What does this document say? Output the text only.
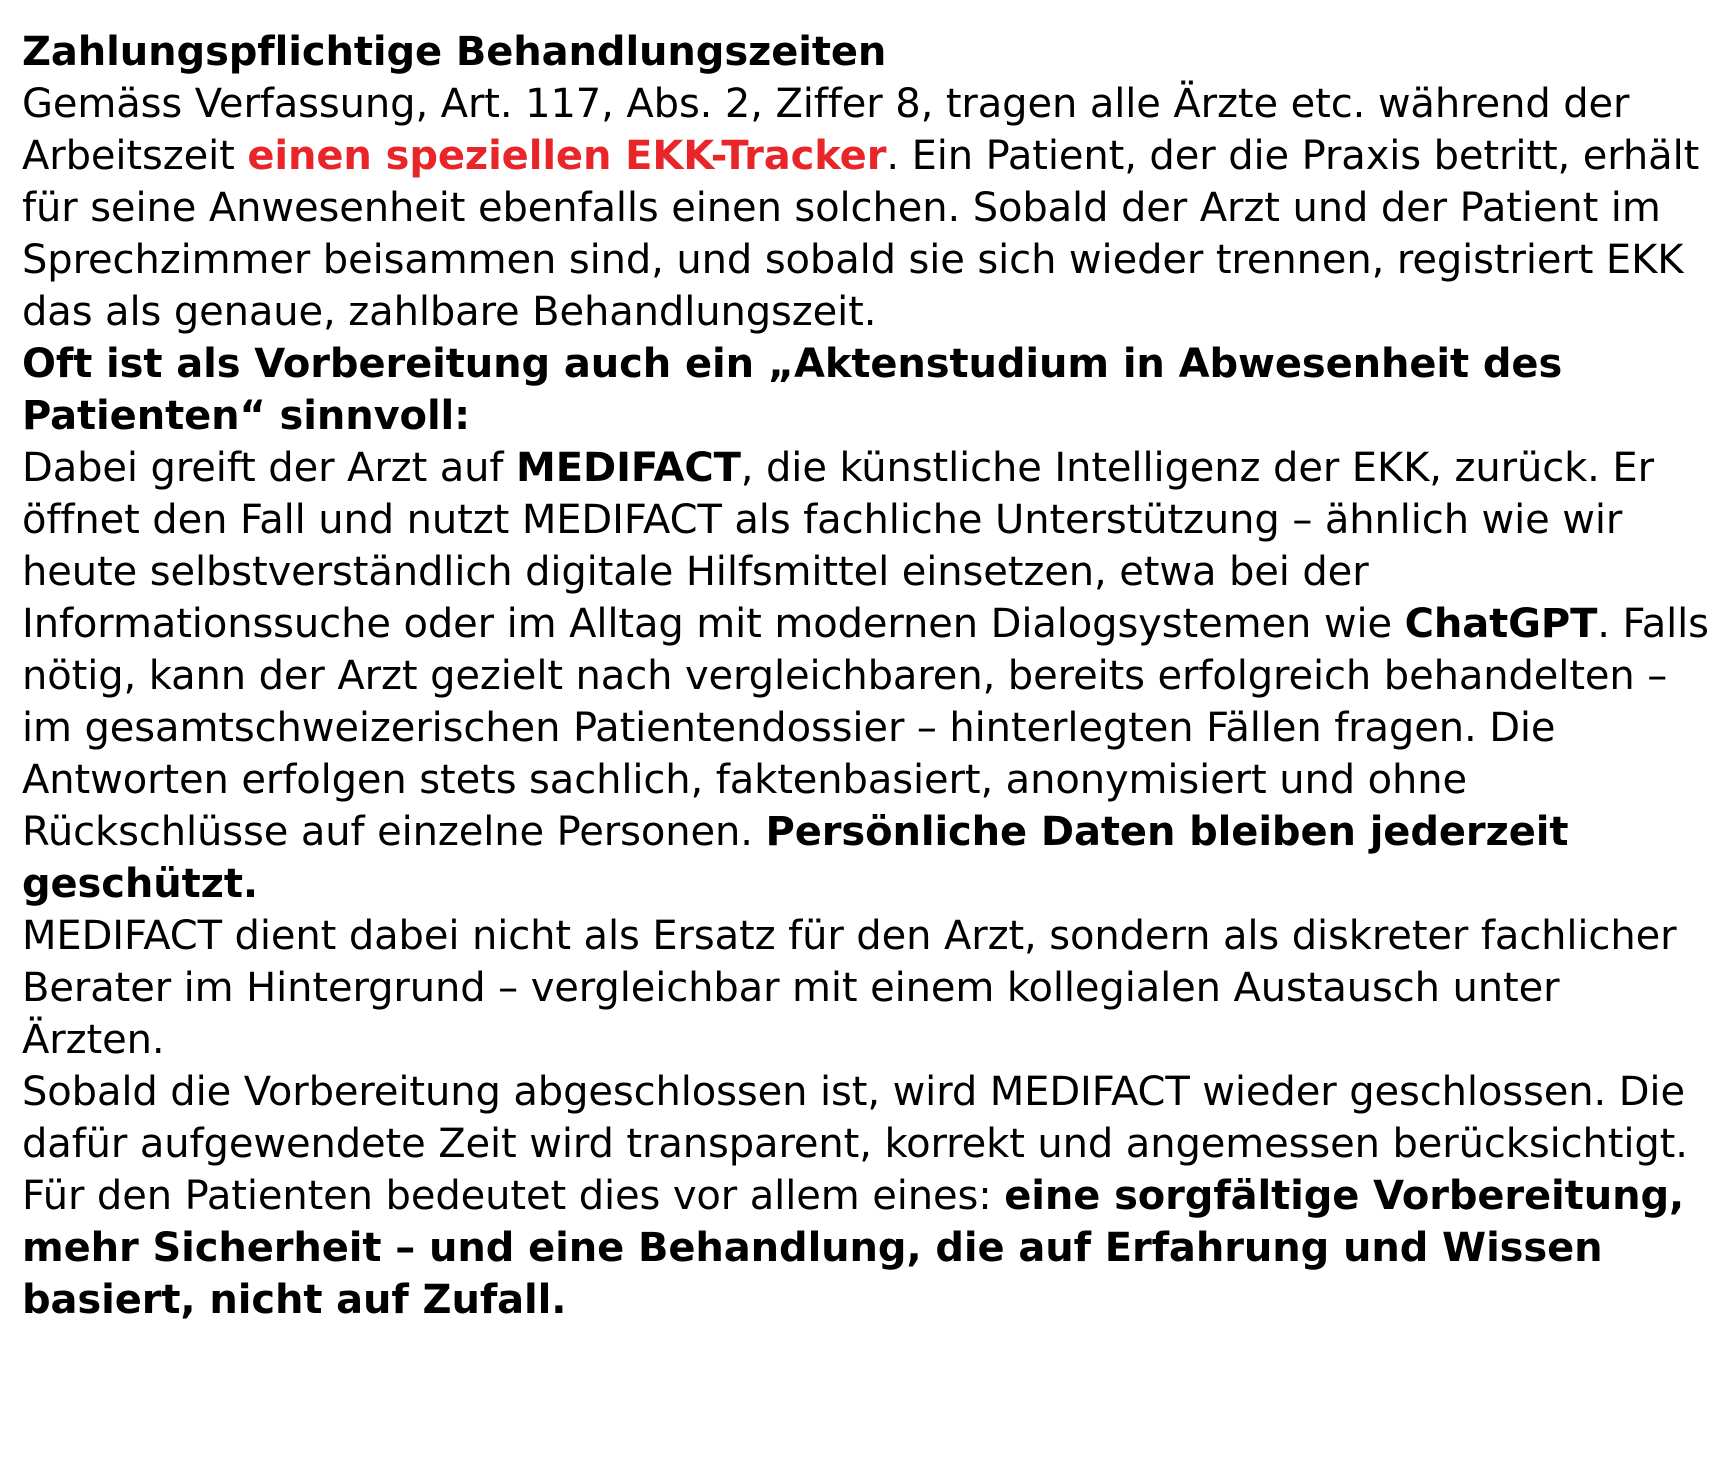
Zahlungspflichtige Behandlungszeiten

Gemäss Verfassung, Art. 117, Abs. 2, Ziffer 8, tragen alle Ärzte etc. während der Arbeitszeit einen speziellen EKK-Tracker. Ein Patient, der die Praxis betritt, erhält für seine Anwesenheit ebenfalls einen solchen. Sobald der Arzt und der Patient im Sprechzimmer beisammen sind, und sobald sie sich wieder trennen, registriert EKK das als genaue, zahlbare Behandlungszeit.

Oft ist als Vorbereitung auch ein „Aktenstudium in Abwesenheit des Patienten“ sinnvoll:

Dabei greift der Arzt auf MEDIFACT, die künstliche Intelligenz der EKK, zurück. Er öffnet den Fall und nutzt MEDIFACT als fachliche Unterstützung – ähnlich wie wir heute selbstverständlich digitale Hilfsmittel einsetzen, etwa bei der Informationssuche oder im Alltag mit modernen Dialogsystemen wie ChatGPT. Falls nötig, kann der Arzt gezielt nach vergleichbaren, bereits erfolgreich behandelten – im gesamtschweizerischen Patientendossier – hinterlegten Fällen fragen. Die Antworten erfolgen stets sachlich, faktenbasiert, anonymisiert und ohne Rückschlüsse auf einzelne Personen. Persönliche Daten bleiben jederzeit geschützt.

MEDIFACT dient dabei nicht als Ersatz für den Arzt, sondern als diskreter fachlicher Berater im Hintergrund – vergleichbar mit einem kollegialen Austausch unter Ärzten.

Sobald die Vorbereitung abgeschlossen ist, wird MEDIFACT wieder geschlossen. Die dafür aufgewendete Zeit wird transparent, korrekt und angemessen berücksichtigt.

Für den Patienten bedeutet dies vor allem eines: eine sorgfältige Vorbereitung, mehr Sicherheit – und eine Behandlung, die auf Erfahrung und Wissen basiert, nicht auf Zufall.
